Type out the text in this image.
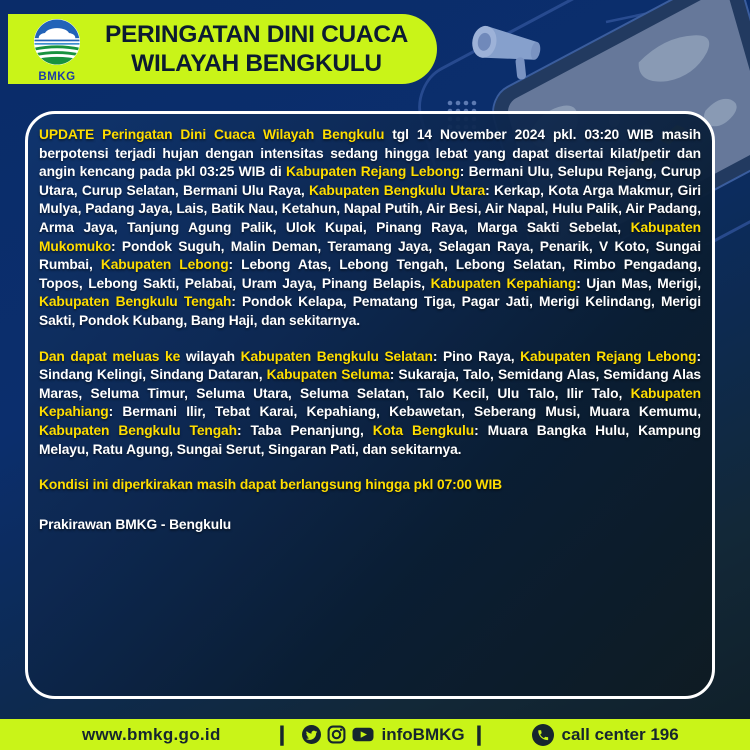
BMKG
PERINGATAN DINI CUACA
WILAYAH BENGKULU

UPDATE Peringatan Dini Cuaca Wilayah Bengkulu tgl 14 November 2024 pkl. 03:20 WIB masih berpotensi terjadi hujan dengan intensitas sedang hingga lebat yang dapat disertai kilat/petir dan angin kencang pada pkl 03:25 WIB di Kabupaten Rejang Lebong: Bermani Ulu, Selupu Rejang, Curup Utara, Curup Selatan, Bermani Ulu Raya, Kabupaten Bengkulu Utara: Kerkap, Kota Arga Makmur, Giri Mulya, Padang Jaya, Lais, Batik Nau, Ketahun, Napal Putih, Air Besi, Air Napal, Hulu Palik, Air Padang, Arma Jaya, Tanjung Agung Palik, Ulok Kupai, Pinang Raya, Marga Sakti Sebelat, Kabupaten Mukomuko: Pondok Suguh, Malin Deman, Teramang Jaya, Selagan Raya, Penarik, V Koto, Sungai Rumbai, Kabupaten Lebong: Lebong Atas, Lebong Tengah, Lebong Selatan, Rimbo Pengadang, Topos, Lebong Sakti, Pelabai, Uram Jaya, Pinang Belapis, Kabupaten Kepahiang: Ujan Mas, Merigi, Kabupaten Bengkulu Tengah: Pondok Kelapa, Pematang Tiga, Pagar Jati, Merigi Kelindang, Merigi Sakti, Pondok Kubang, Bang Haji, dan sekitarnya.

Dan dapat meluas ke wilayah Kabupaten Bengkulu Selatan: Pino Raya, Kabupaten Rejang Lebong: Sindang Kelingi, Sindang Dataran, Kabupaten Seluma: Sukaraja, Talo, Semidang Alas, Semidang Alas Maras, Seluma Timur, Seluma Utara, Seluma Selatan, Talo Kecil, Ulu Talo, Ilir Talo, Kabupaten Kepahiang: Bermani Ilir, Tebat Karai, Kepahiang, Kebawetan, Seberang Musi, Muara Kemumu, Kabupaten Bengkulu Tengah: Taba Penanjung, Kota Bengkulu: Muara Bangka Hulu, Kampung Melayu, Ratu Agung, Sungai Serut, Singaran Pati, dan sekitarnya.

Kondisi ini diperkirakan masih dapat berlangsung hingga pkl 07:00 WIB

Prakirawan BMKG - Bengkulu

www.bmkg.go.id	|	infoBMKG |	call center 196
